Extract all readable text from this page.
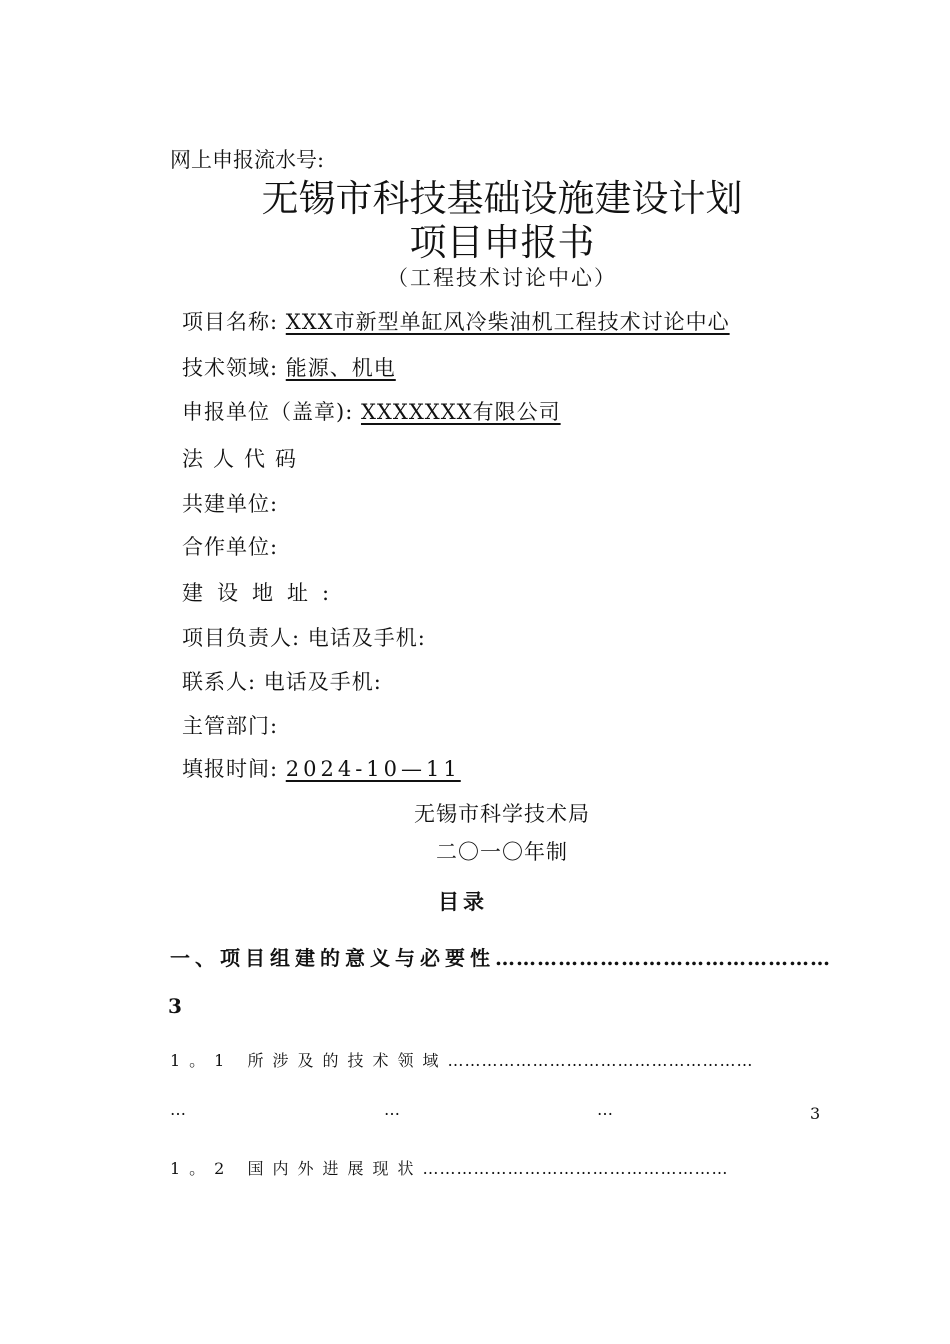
网上申报流水号:
无锡市科技基础设施建设计划
项目申报书
（工程技术讨论中心）
项目名称: XXX市新型单缸风冷柴油机工程技术讨论中心
技术领域: 能源、机电
申报单位（盖章): XXXXXXX有限公司
法人代码
共建单位:
合作单位:
建设地址:
项目负责人: 电话及手机:
联系人: 电话及手机:
主管部门:
填报时间: 2024-10—11
无锡市科学技术局
二〇一〇年制
目录
一、项目组建的意义与必要性…………………………………………
3
1。1 所涉及的技术领域………………………………………………
…	…	…	3
1。2 国内外进展现状………………………………………………
